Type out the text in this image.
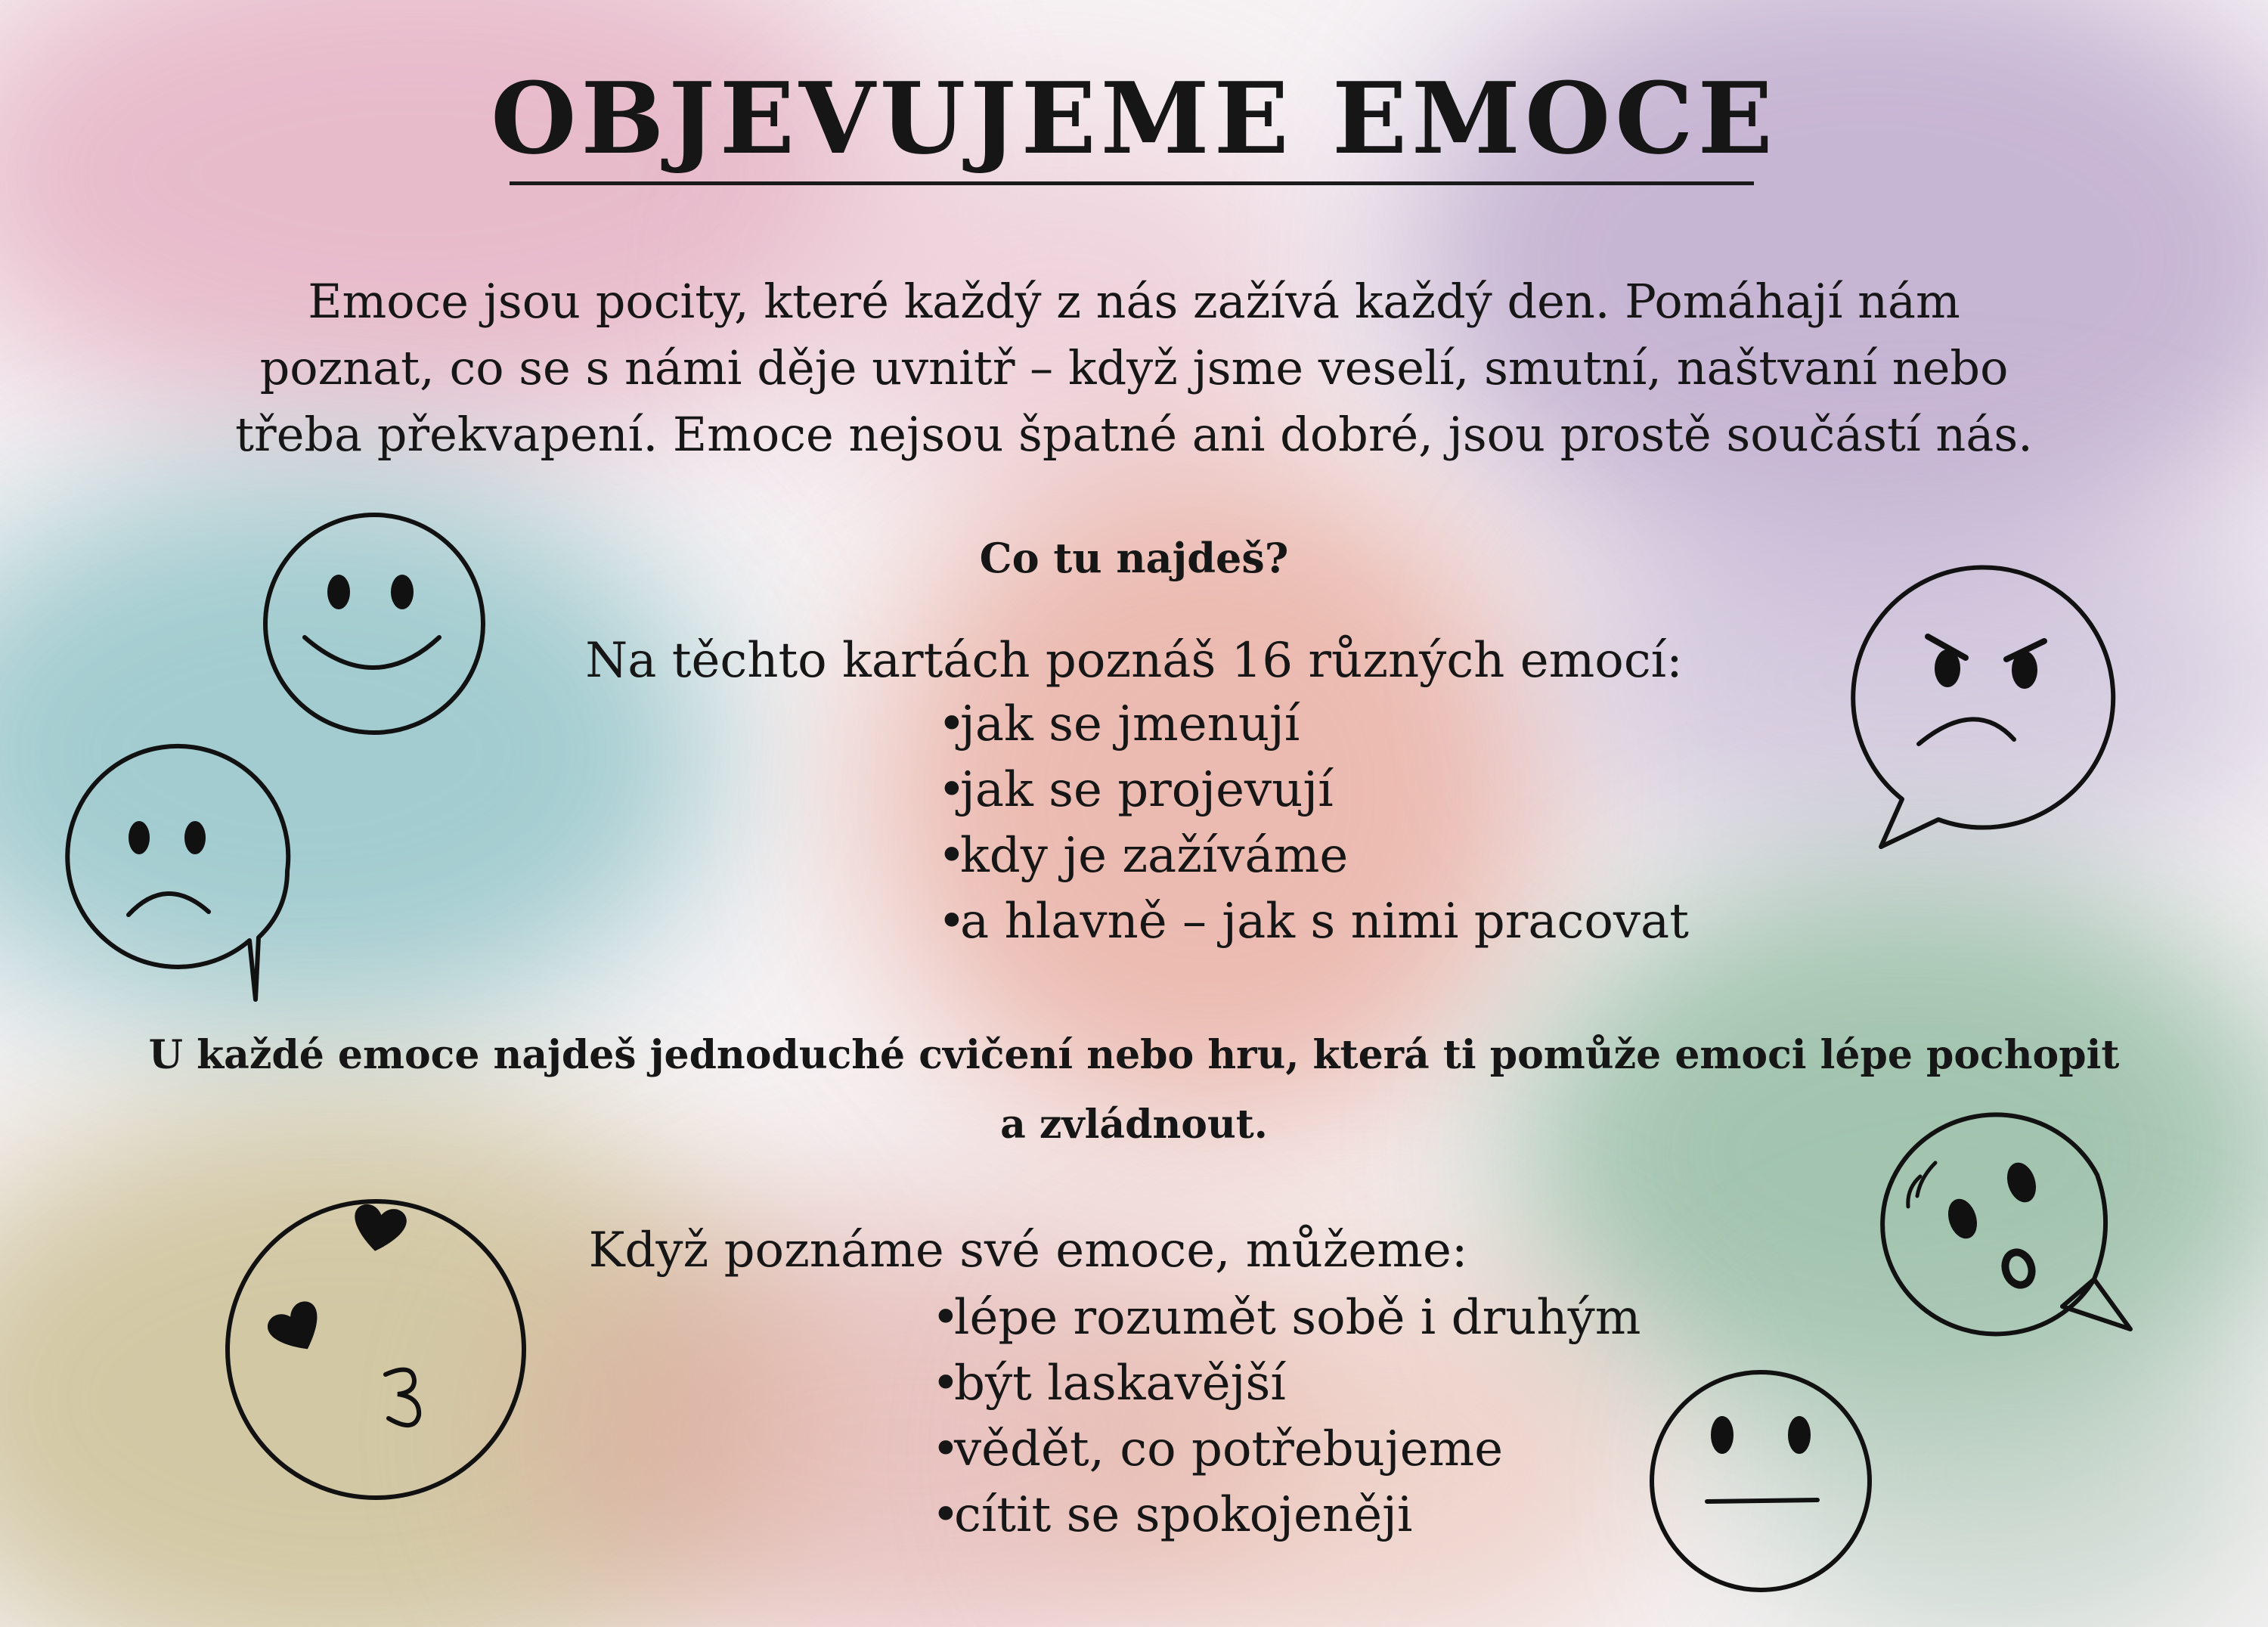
OBJEVUJEME EMOCE

Emoce jsou pocity, které každý z nás zažívá každý den. Pomáhají nám
poznat, co se s námi děje uvnitř – když jsme veselí, smutní, naštvaní nebo
třeba překvapení. Emoce nejsou špatné ani dobré, jsou prostě součástí nás.

Co tu najdeš?

Na těchto kartách poznáš 16 různých emocí:

• jak se jmenují
• jak se projevují
• kdy je zažíváme
• a hlavně – jak s nimi pracovat

U každé emoce najdeš jednoduché cvičení nebo hru, která ti pomůže emoci lépe pochopit
a zvládnout.

Když poznáme své emoce, můžeme:

• lépe rozumět sobě i druhým
• být laskavější
• vědět, co potřebujeme
• cítit se spokojeněji
